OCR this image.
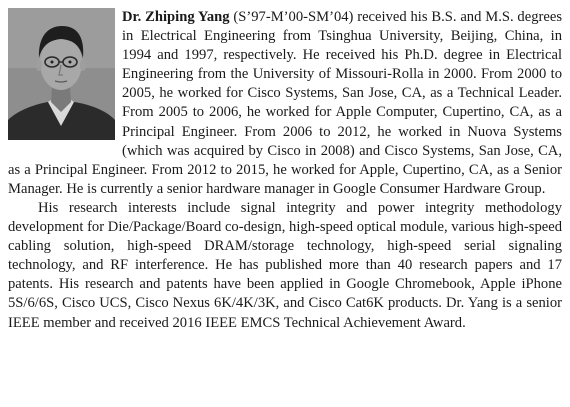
Dr. Zhiping Yang (S’97-M’00-SM’04) received his B.S. and M.S. degrees in Electrical Engineering from Tsinghua University, Beijing, China, in 1994 and 1997, respectively. He received his Ph.D. degree in Electrical Engineering from the University of Missouri-Rolla in 2000. From 2000 to 2005, he worked for Cisco Systems, San Jose, CA, as a Technical Leader. From 2005 to 2006, he worked for Apple Computer, Cupertino, CA, as a Principal Engineer. From 2006 to 2012, he worked in Nuova Systems (which was acquired by Cisco in 2008) and Cisco Systems, San Jose, CA, as a Principal Engineer. From 2012 to 2015, he worked for Apple, Cupertino, CA, as a Senior Manager. He is currently a senior hardware manager in Google Consumer Hardware Group.

His research interests include signal integrity and power integrity methodology development for Die/Package/Board co-design, high-speed optical module, various high-speed cabling solution, high-speed DRAM/storage technology, high-speed serial signaling technology, and RF interference. He has published more than 40 research papers and 17 patents. His research and patents have been applied in Google Chromebook, Apple iPhone 5S/6/6S, Cisco UCS, Cisco Nexus 6K/4K/3K, and Cisco Cat6K products. Dr. Yang is a senior IEEE member and received 2016 IEEE EMCS Technical Achievement Award.
